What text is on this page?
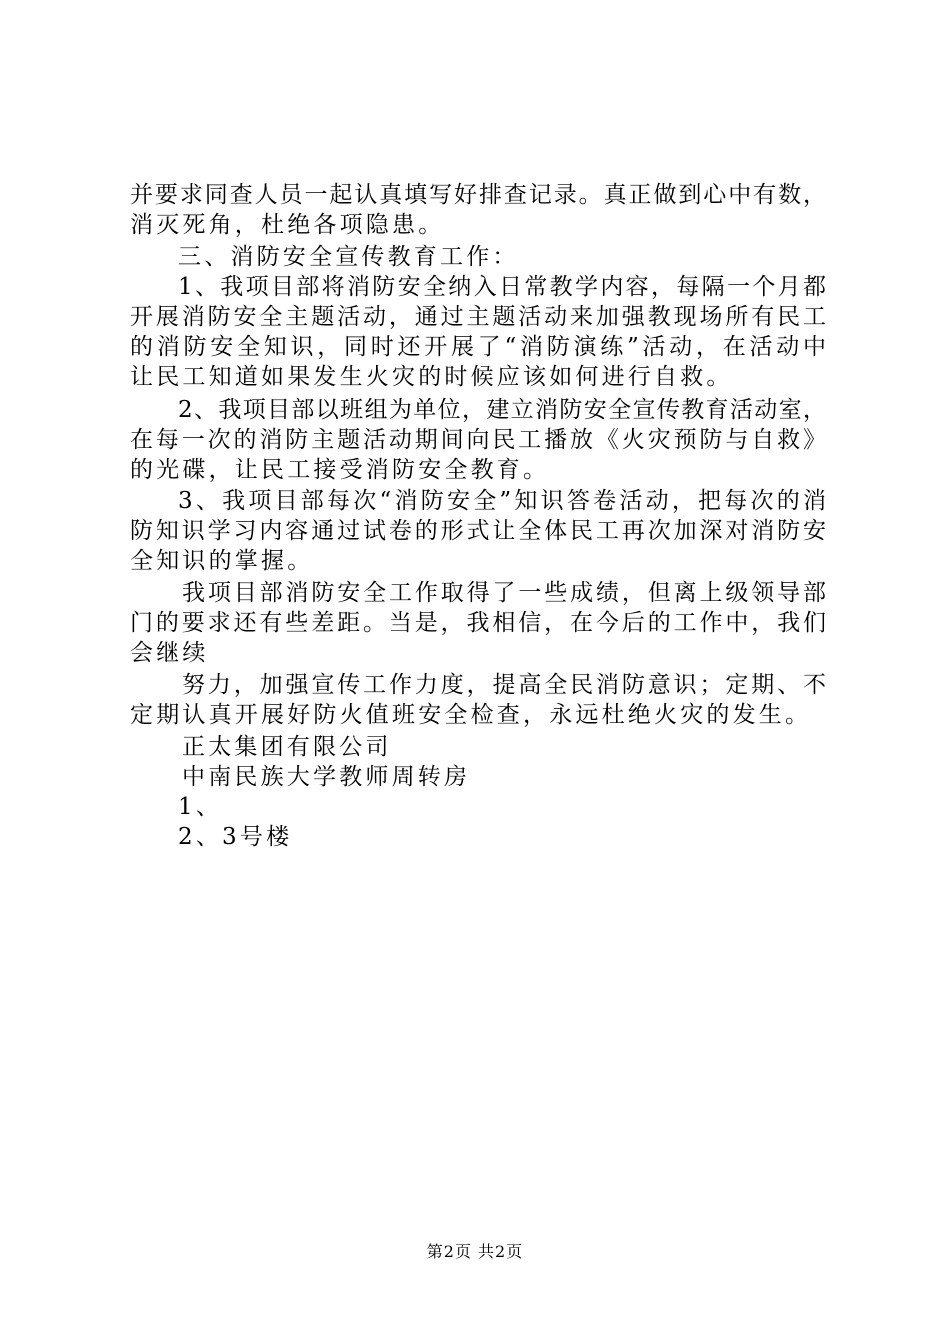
并要求同查人员一起认真填写好排查记录。真正做到心中有数，
消灭死角，杜绝各项隐患。
三、消防安全宣传教育工作：
1、我项目部将消防安全纳入日常教学内容，每隔一个月都
开展消防安全主题活动，通过主题活动来加强教现场所有民工
的消防安全知识，同时还开展了“消防演练”活动，在活动中
让民工知道如果发生火灾的时候应该如何进行自救。
2、我项目部以班组为单位，建立消防安全宣传教育活动室，
在每一次的消防主题活动期间向民工播放《火灾预防与自救》
的光碟，让民工接受消防安全教育。
3、我项目部每次“消防安全”知识答卷活动，把每次的消
防知识学习内容通过试卷的形式让全体民工再次加深对消防安
全知识的掌握。
我项目部消防安全工作取得了一些成绩，但离上级领导部
门的要求还有些差距。当是，我相信，在今后的工作中，我们
会继续
努力，加强宣传工作力度，提高全民消防意识；定期、不
定期认真开展好防火值班安全检查，永远杜绝火灾的发生。
正太集团有限公司
中南民族大学教师周转房
1、
2、3号楼
第2页 共2页
